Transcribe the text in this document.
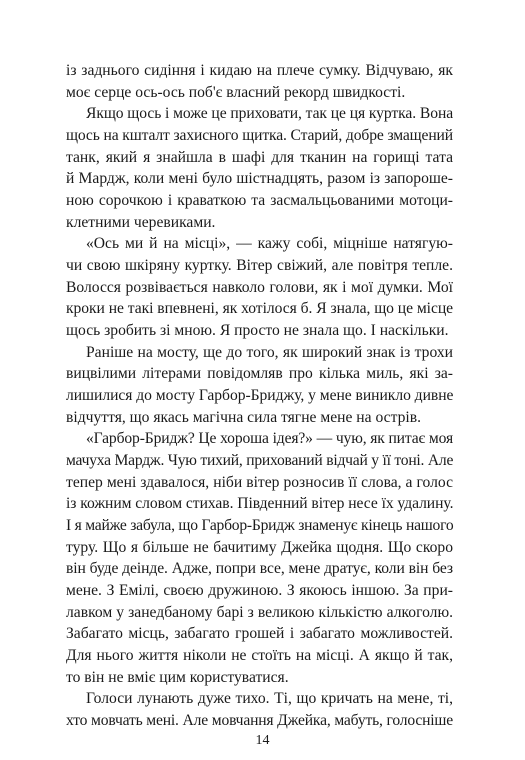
із заднього сидіння і кидаю на плече сумку. Відчуваю, як
моє серце ось-ось поб'є власний рекорд швидкості.
Якщо щось і може це приховати, так це ця куртка. Вона
щось на кшталт захисного щитка. Старий, добре змащений
танк, який я знайшла в шафі для тканин на горищі тата
й Мардж, коли мені було шістнадцять, разом із запороше-
ною сорочкою і краваткою та засмальцьованими мотоци-
клетними черевиками.
«Ось ми й на місці», — кажу собі, міцніше натягую-
чи свою шкіряну куртку. Вітер свіжий, але повітря тепле.
Волосся розвівається навколо голови, як і мої думки. Мої
кроки не такі впевнені, як хотілося б. Я знала, що це місце
щось зробить зі мною. Я просто не знала що. І наскільки.
Раніше на мосту, ще до того, як широкий знак із трохи
вицвілими літерами повідомляв про кілька миль, які за-
лишилися до мосту Гарбор-Бриджу, у мене виникло дивне
відчуття, що якась магічна сила тягне мене на острів.
«Гарбор-Бридж? Це хороша ідея?» — чую, як питає моя
мачуха Мардж. Чую тихий, прихований відчай у її тоні. Але
тепер мені здавалося, ніби вітер розносив її слова, а голос
із кожним словом стихав. Південний вітер несе їх удалину.
І я майже забула, що Гарбор-Бридж знаменує кінець нашого
туру. Що я більше не бачитиму Джейка щодня. Що скоро
він буде деінде. Адже, попри все, мене дратує, коли він без
мене. З Емілі, своєю дружиною. З якоюсь іншою. За при-
лавком у занедбаному барі з великою кількістю алкоголю.
Забагато місць, забагато грошей і забагато можливостей.
Для нього життя ніколи не стоїть на місці. А якщо й так,
то він не вміє цим користуватися.
Голоси лунають дуже тихо. Ті, що кричать на мене, ті,
хто мовчать мені. Але мовчання Джейка, мабуть, голосніше
14
